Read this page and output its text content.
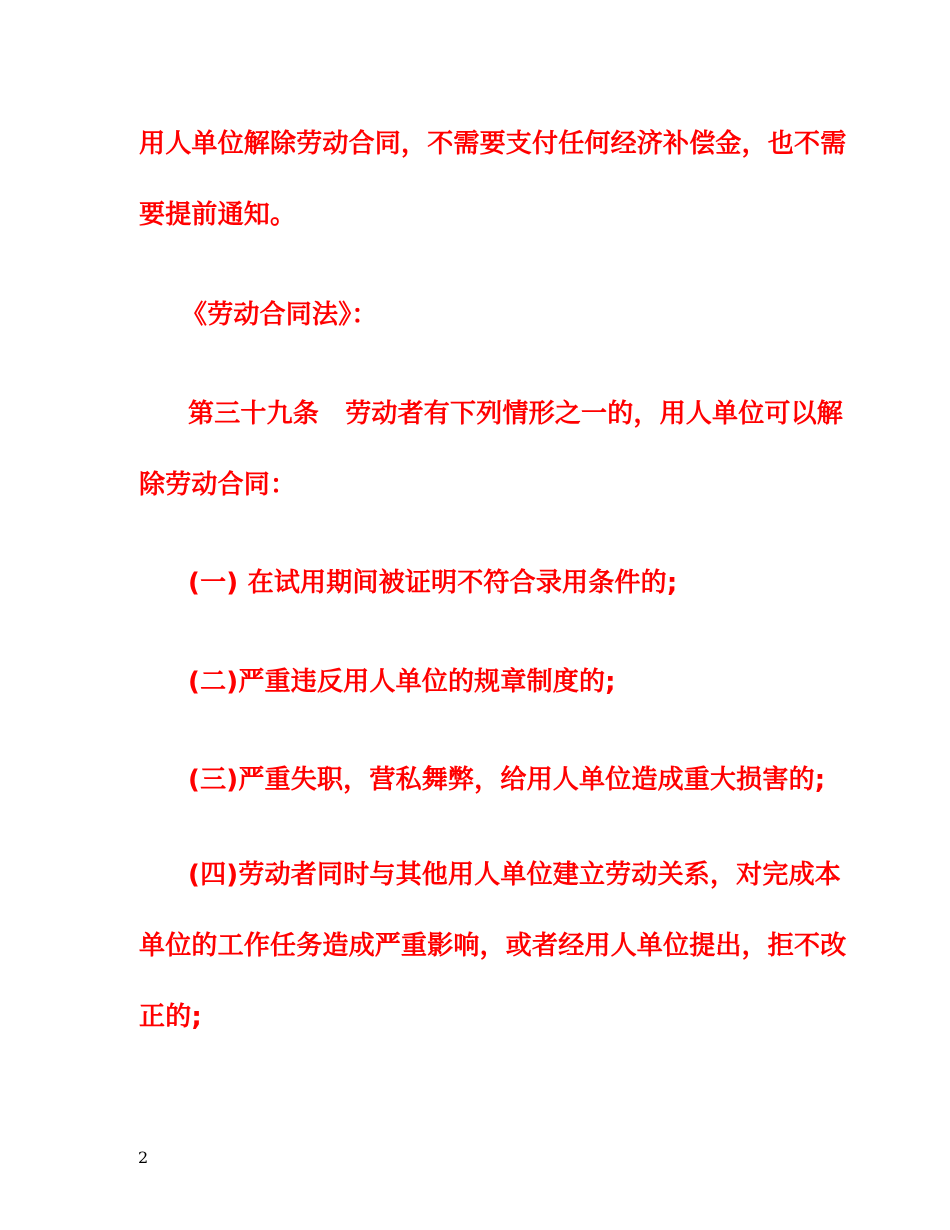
用人单位解除劳动合同，不需要支付任何经济补偿金，也不需
要提前通知。
《劳动合同法》：
第三十九条　劳动者有下列情形之一的，用人单位可以解
除劳动合同：
(一) 在试用期间被证明不符合录用条件的;
(二)严重违反用人单位的规章制度的;
(三)严重失职，营私舞弊，给用人单位造成重大损害的;
(四)劳动者同时与其他用人单位建立劳动关系，对完成本
单位的工作任务造成严重影响，或者经用人单位提出，拒不改
正的;
2
